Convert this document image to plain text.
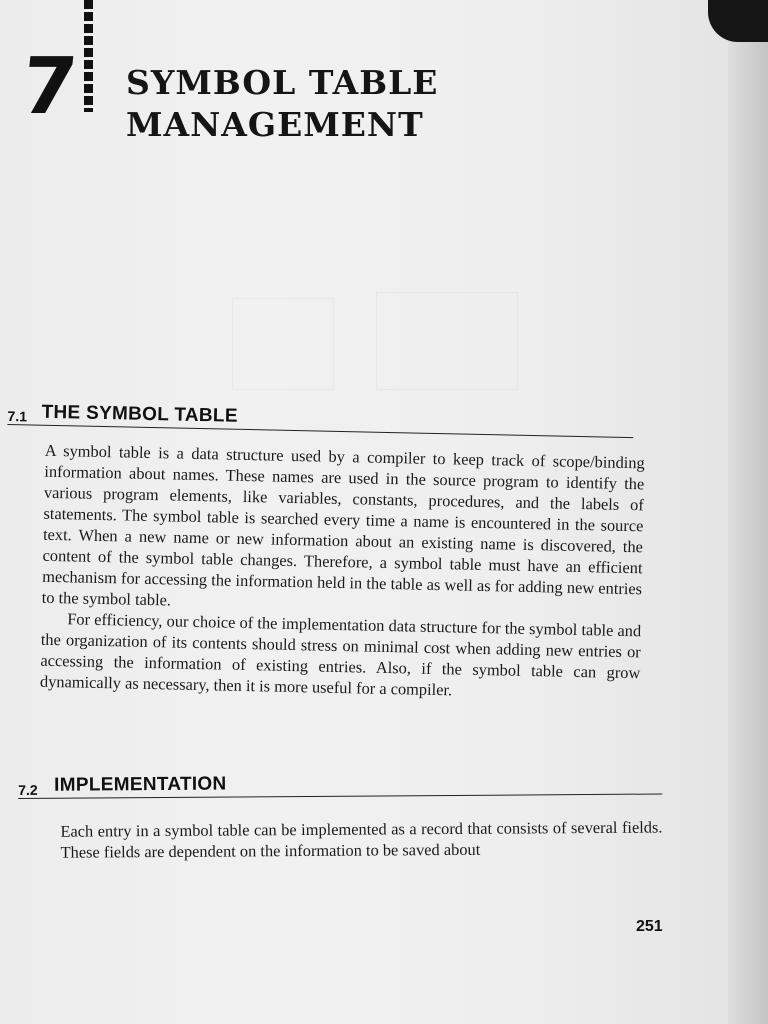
7 SYMBOL TABLE
MANAGEMENT
7.1 THE SYMBOL TABLE

A symbol table is a data structure used by a compiler to keep track of scope/binding information about names. These names are used in the source program to identify the various program elements, like variables, constants, procedures, and the labels of statements. The symbol table is searched every time a name is encountered in the source text. When a new name or new information about an existing name is discovered, the content of the symbol table changes. Therefore, a symbol table must have an efficient mechanism for accessing the information held in the table as well as for adding new entries to the symbol table.

For efficiency, our choice of the implementation data structure for the symbol table and the organization of its contents should stress on minimal cost when adding new entries or accessing the information of existing entries. Also, if the symbol table can grow dynamically as necessary, then it is more useful for a compiler.

7.2 IMPLEMENTATION

Each entry in a symbol table can be implemented as a record that consists of several fields. These fields are dependent on the information to be saved about

251
